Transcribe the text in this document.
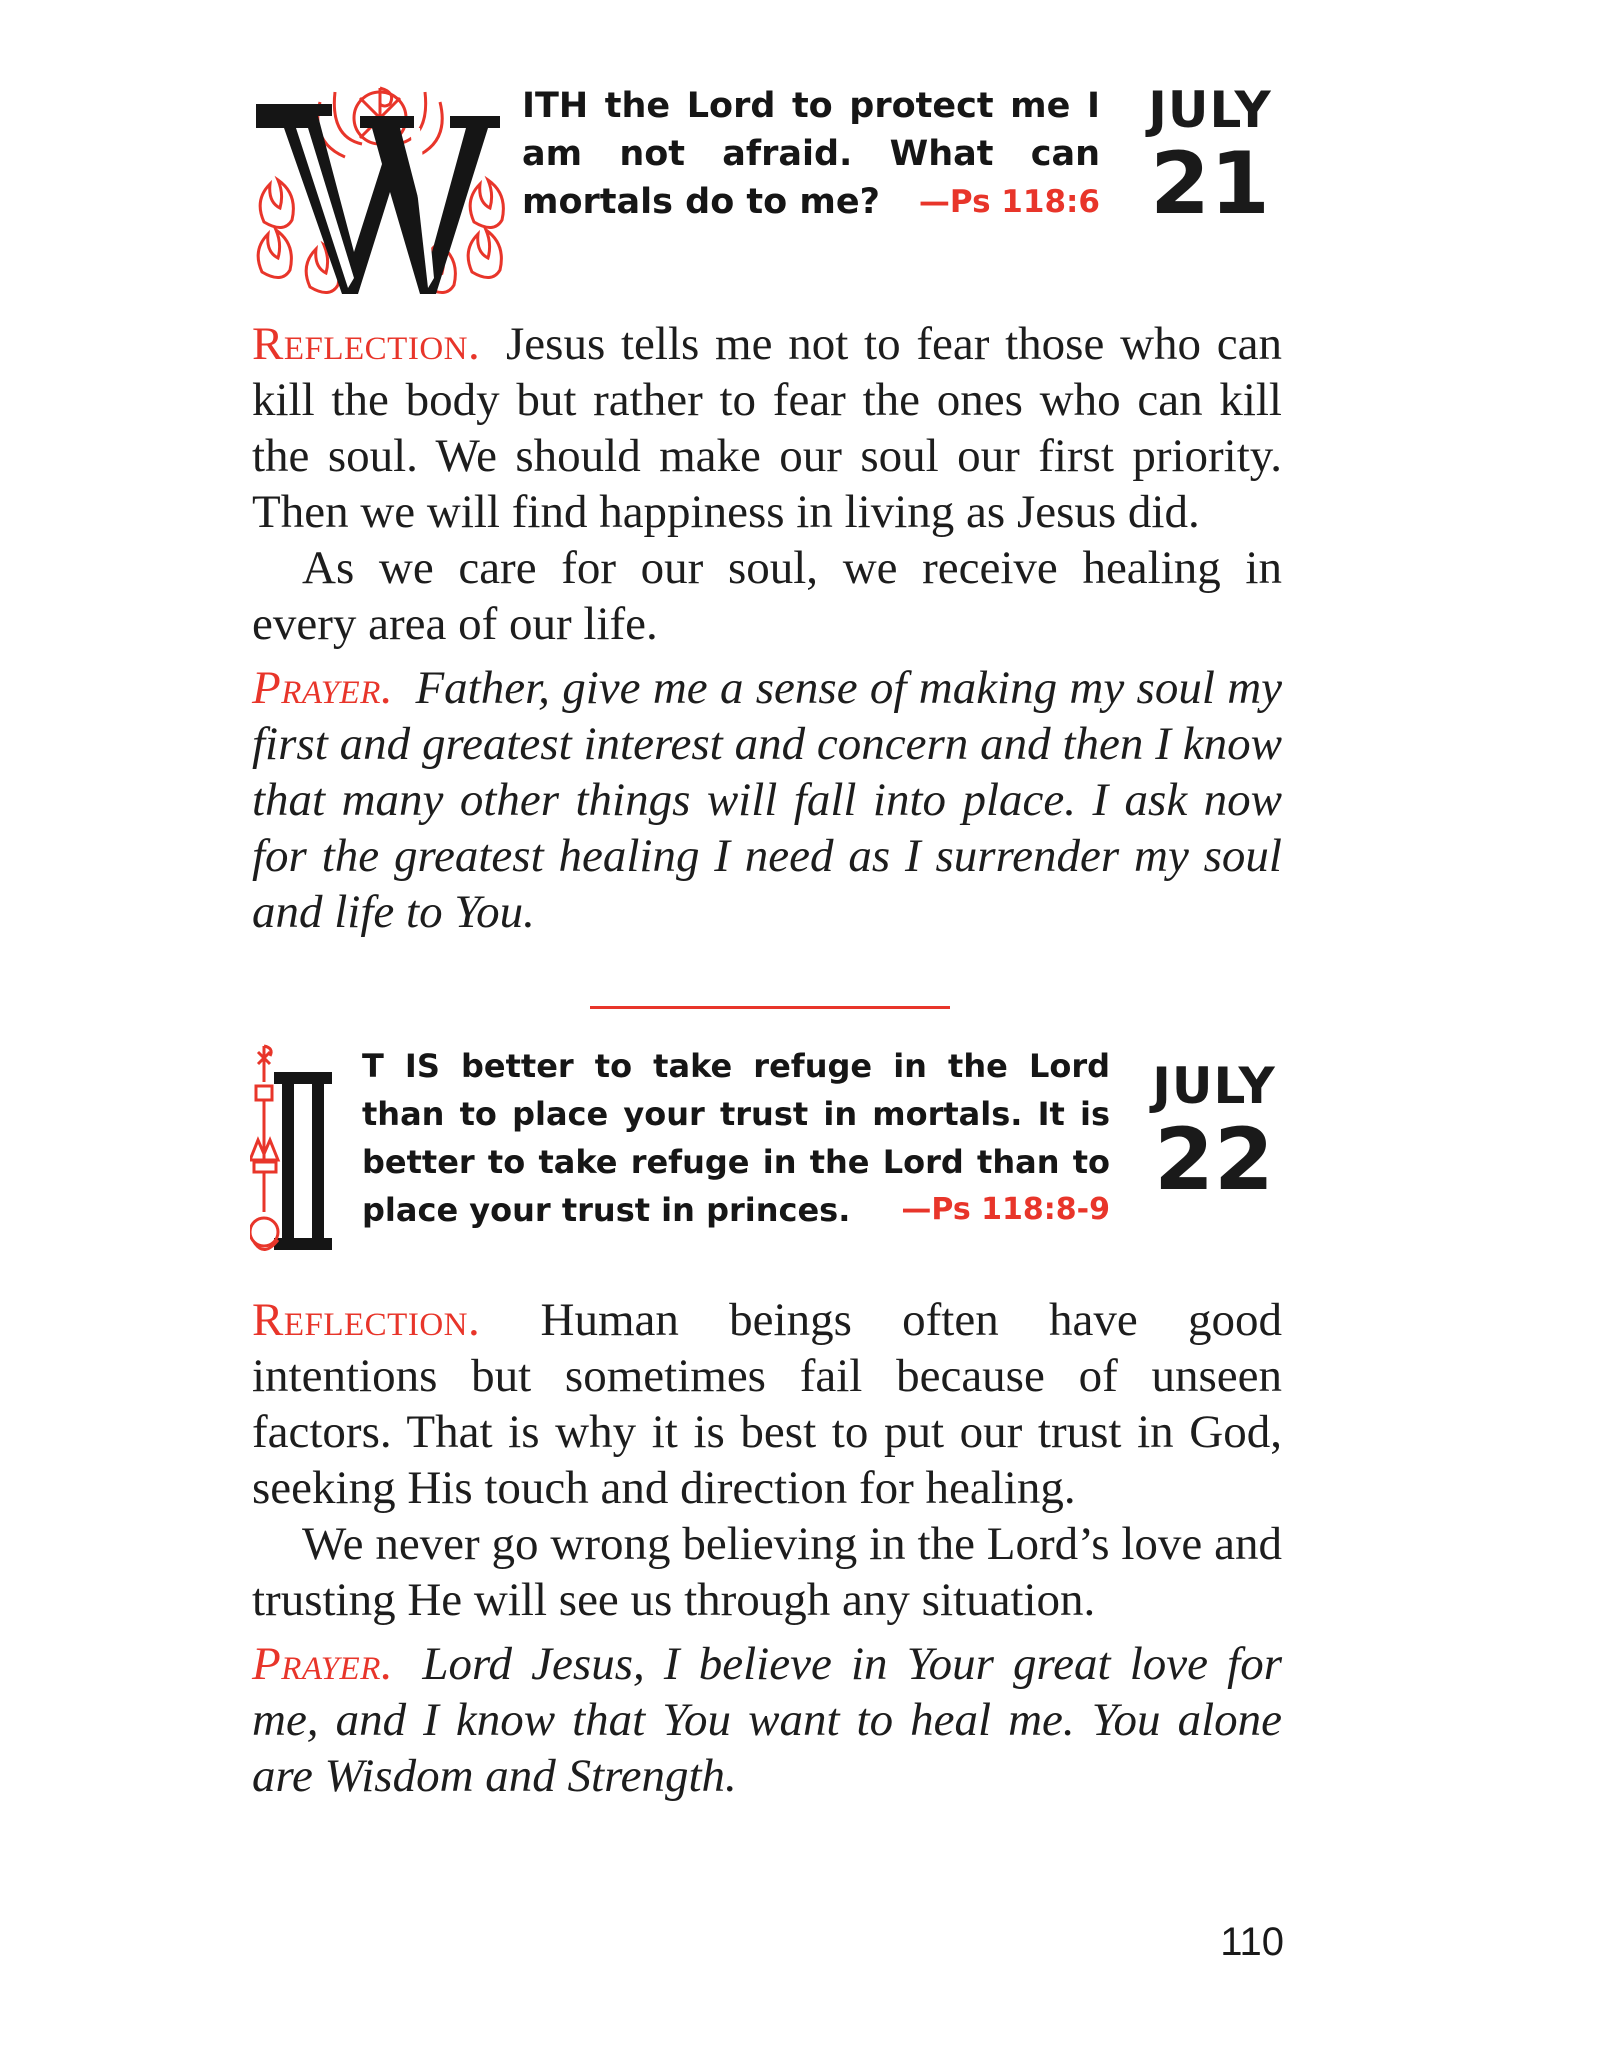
ITH the Lord to protect me I am not afraid. What can mortals do to me?	—Ps 118:6
JULY
21

Reflection. Jesus tells me not to fear those who can kill the body but rather to fear the ones who can kill the soul. We should make our soul our first priority. Then we will find happiness in living as Jesus did.

As we care for our soul, we receive healing in every area of our life.

Prayer. Father, give me a sense of making my soul my first and greatest interest and concern and then I know that many other things will fall into place. I ask now for the greatest healing I need as I surrender my soul and life to You.

T IS better to take refuge in the Lord than to place your trust in mortals. It is better to take refuge in the Lord than to place your trust in princes.	—Ps 118:8-9
JULY
22

Reflection. Human beings often have good intentions but sometimes fail because of unseen factors. That is why it is best to put our trust in God, seeking His touch and direction for healing.

We never go wrong believing in the Lord’s love and trusting He will see us through any situation.

Prayer. Lord Jesus, I believe in Your great love for me, and I know that You want to heal me. You alone are Wisdom and Strength.

110
